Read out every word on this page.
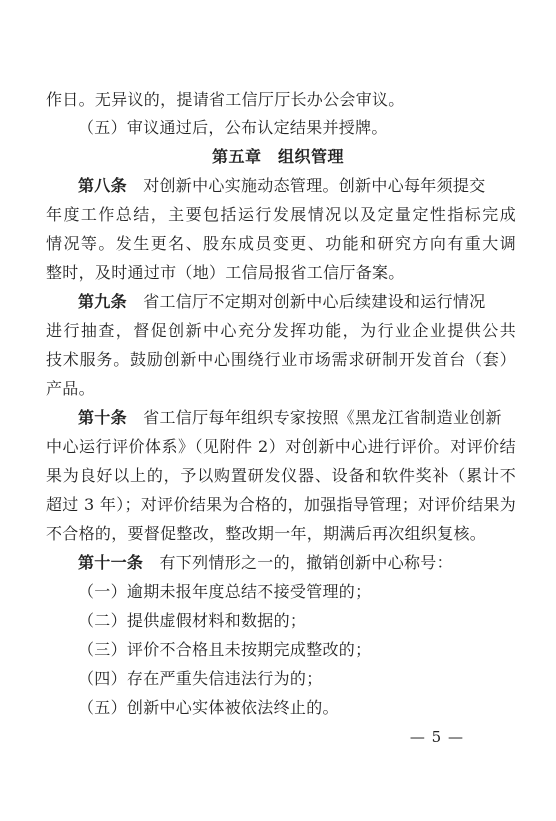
作日。无异议的，提请省工信厅厅长办公会审议。
（五）审议通过后，公布认定结果并授牌。
第五章　组织管理
第八条　对创新中心实施动态管理。创新中心每年须提交
年度工作总结，主要包括运行发展情况以及定量定性指标完成
情况等。发生更名、股东成员变更、功能和研究方向有重大调
整时，及时通过市（地）工信局报省工信厅备案。
第九条　省工信厅不定期对创新中心后续建设和运行情况
进行抽查，督促创新中心充分发挥功能，为行业企业提供公共
技术服务。鼓励创新中心围绕行业市场需求研制开发首台（套）
产品。
第十条　省工信厅每年组织专家按照《黑龙江省制造业创新
中心运行评价体系》（见附件 2）对创新中心进行评价。对评价结
果为良好以上的，予以购置研发仪器、设备和软件奖补（累计不
超过 3 年）；对评价结果为合格的，加强指导管理；对评价结果为
不合格的，要督促整改，整改期一年，期满后再次组织复核。
第十一条　有下列情形之一的，撤销创新中心称号：
（一）逾期未报年度总结不接受管理的；
（二）提供虚假材料和数据的；
（三）评价不合格且未按期完成整改的；
（四）存在严重失信违法行为的；
（五）创新中心实体被依法终止的。
— 5 —
